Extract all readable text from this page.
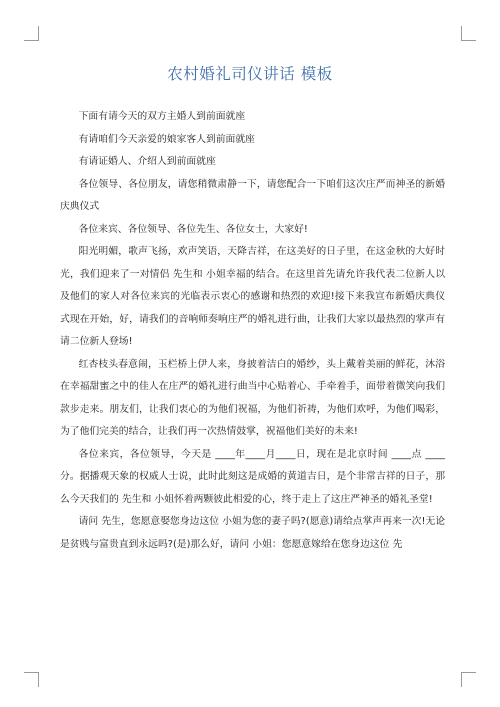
农村婚礼司仪讲话 模板

下面有请今天的双方主婚人到前面就座

有请咱们今天亲爱的娘家客人到前面就座

有请证婚人、介绍人到前面就座

各位领导、各位朋友，请您稍微肃静一下，请您配合一下咱们这次庄严而神圣的新婚庆典仪式

各位来宾、各位领导、各位先生、各位女士，大家好!

阳光明媚，歌声飞扬，欢声笑语，天降吉祥，在这美好的日子里，在这金秋的大好时光，我们迎来了一对情侣 先生和 小姐幸福的结合。在这里首先请允许我代表二位新人以及他们的家人对各位来宾的光临表示衷心的感谢和热烈的欢迎!接下来我宣布新婚庆典仪式现在开始，好，请我们的音响师奏响庄严的婚礼进行曲，让我们大家以最热烈的掌声有请二位新人登场!

红杏枝头春意闹，玉栏桥上伊人来，身披着洁白的婚纱，头上戴着美丽的鲜花，沐浴在幸福甜蜜之中的佳人在庄严的婚礼进行曲当中心贴着心、手牵着手，面带着微笑向我们款步走来。朋友们，让我们衷心的为他们祝福，为他们祈祷，为他们欢呼，为他们喝彩，为了他们完美的结合，让我们再一次热情鼓掌，祝福他们美好的未来!

各位来宾，各位领导，今天是 ____年____月____日，现在是北京时间 ____点 ____分。据播观天象的权威人士说，此时此刻这是成婚的黄道吉日，是个非常吉祥的日子，那么今天我们的 先生和 小姐怀着两颗彼此相爱的心，终于走上了这庄严神圣的婚礼圣堂!

请问 先生，您愿意娶您身边这位 小姐为您的妻子吗?(愿意)请给点掌声再来一次!无论是贫贱与富贵直到永远吗?(是)那么好，请问 小姐：您愿意嫁给在您身边这位 先
